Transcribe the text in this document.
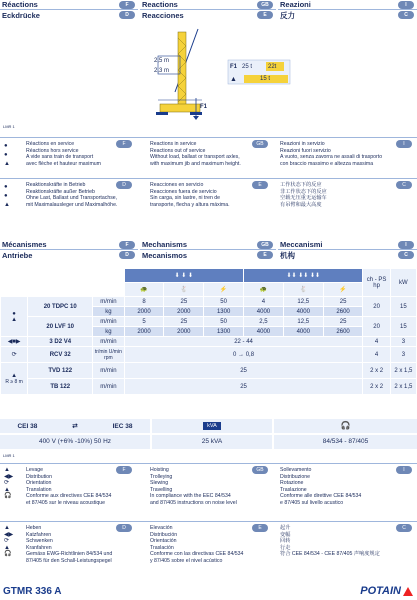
Réactions	F
Eckdrücke	D
Reactions	GB
Reacciones	E
Reazioni	I
反力	C
2,5 m
2,3 m
F1 25 t	22t
▲	15 t
F1
LMR 1
●
●
▲
Réactions en service
Réactions hors service
A vide sans train de transport
avec flèche et hauteur maximum
F	Reactions in service
Reactions out of service
Without load, ballast or transport axles,
with maximum jib and maximum height.
GB	Reazioni in servizio
Reazioni fuori servizio
A vuoto, senza zavorra ne assali di trasporto
con braccio massimo e altezza massima
I
●
●
▲
Reaktionskräfte in Betrieb
Reaktionskräfte außer Betrieb
Ohne Last, Ballast und Transportachse,
mit Maximalausleger und Maximalhöhe.
D	Reacciones en servicio
Reacciones fuera de servicio
Sin carga, sin lastre, ni tren de
transporte, flecha y altura máxima.
E	工作状态下的反应
非工作状态下的反应
空载无压重无运输车
有吊臂和最大高度
C
Mécanismes	F
Antriebe	D
Mechanisms	GB
Mecanismos	E
Meccanismi	I
机构	C
			⬇ ⬇ ⬇			⬇⬇ ⬇⬇ ⬇⬇			ch - PS
hp	kW
			🐢	🐇	⚡	🐢	🐇	⚡		
●
▲	20 TDPC 10	m/min	8	25	50	4	12,5	25	20	15
		kg	2000	2000	1300	4000	4000	2600		
	20 LVF 10	m/min	5	25	50	2,5	12,5	25	20	15
		kg	2000	2000	1300	4000	4000	2600		
◀■▶	3 D2 V4	m/min	22 - 44						4	3
⟳	RCV 32	tr/min U/min rpm	0 → 0,8						4	3
▲
R ≥ 8 m	TVD 122	m/min	25						2 x 2	2 x 1,5
	TB 122	m/min	25						2 x 2	2 x 1,5
CEI 38	⇄	IEC 38	kVA	🎧
400 V (+6% -10%) 50 Hz	25 kVA	84/534 - 87/405
LMR 1
▲
◀▶
⟳
▲
🎧
Levage
Distribution
Orientation
Translation
Conforme aux directives CEE 84/534
et 87/405 sur le niveau acoustique
F	Hoisting
Trolleying
Slewing
Travelling
In compliance with the EEC 84/534
and 87/405 instructions on noise level
GB	Sollevamento
Distribuzione
Rotazione
Traslazione
Conforme alle direttive CEE 84/534
e 87/405 sul livello acustico
I
▲
◀▶
⟳
▲
🎧
Heben
Katzfahren
Schwenken
Kranfahren
Gemäss EWG-Richtlinien 84/534 und
87/405 für den Schall-Leistungspegel
D	Elevación
Distribución
Orientación
Traslación
Conforme con las directivas CEE 84/534
y 87/405 sobre el nivel acústico
E	起升
变幅
回转
行走
符合 CEE 84/534 - CEE 87/405 声响度规定
C
GTMR 336 A	POTAIN
